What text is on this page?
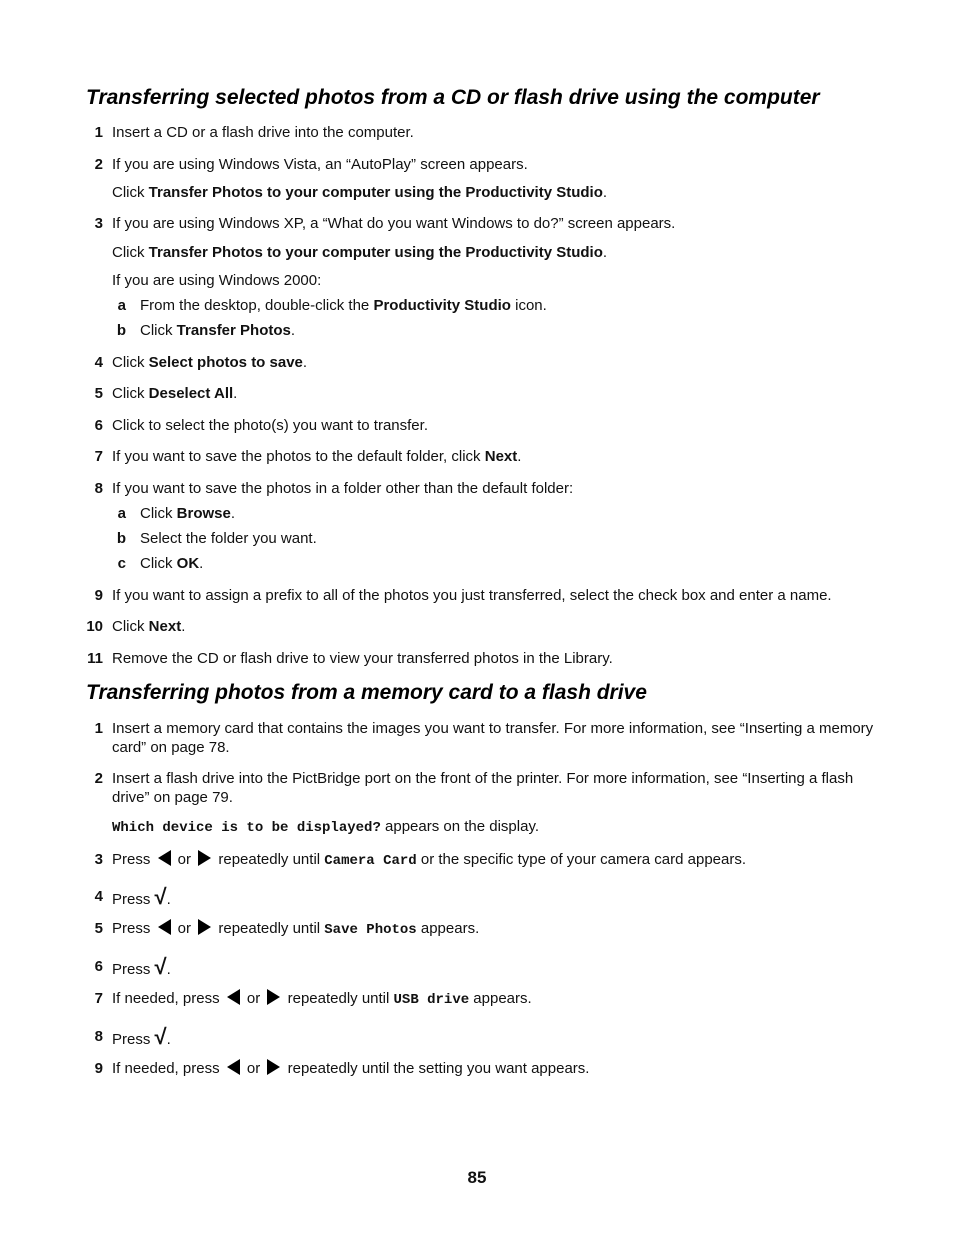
Transferring selected photos from a CD or flash drive using the computer
1 Insert a CD or a flash drive into the computer.
2 If you are using Windows Vista, an “AutoPlay” screen appears.
Click Transfer Photos to your computer using the Productivity Studio.
3 If you are using Windows XP, a “What do you want Windows to do?” screen appears.
Click Transfer Photos to your computer using the Productivity Studio.
If you are using Windows 2000:
a From the desktop, double-click the Productivity Studio icon.
b Click Transfer Photos.
4 Click Select photos to save.
5 Click Deselect All.
6 Click to select the photo(s) you want to transfer.
7 If you want to save the photos to the default folder, click Next.
8 If you want to save the photos in a folder other than the default folder:
a Click Browse.
b Select the folder you want.
c Click OK.
9 If you want to assign a prefix to all of the photos you just transferred, select the check box and enter a name.
10 Click Next.
11 Remove the CD or flash drive to view your transferred photos in the Library.
Transferring photos from a memory card to a flash drive
1 Insert a memory card that contains the images you want to transfer. For more information, see “Inserting a memory card” on page 78.
2 Insert a flash drive into the PictBridge port on the front of the printer. For more information, see “Inserting a flash drive” on page 79.
Which device is to be displayed? appears on the display.
3 Press  or  repeatedly until Camera Card or the specific type of your camera card appears.
4 Press √.
5 Press  or  repeatedly until Save Photos appears.
6 Press √.
7 If needed, press  or  repeatedly until USB drive appears.
8 Press √.
9 If needed, press  or  repeatedly until the setting you want appears.
85
